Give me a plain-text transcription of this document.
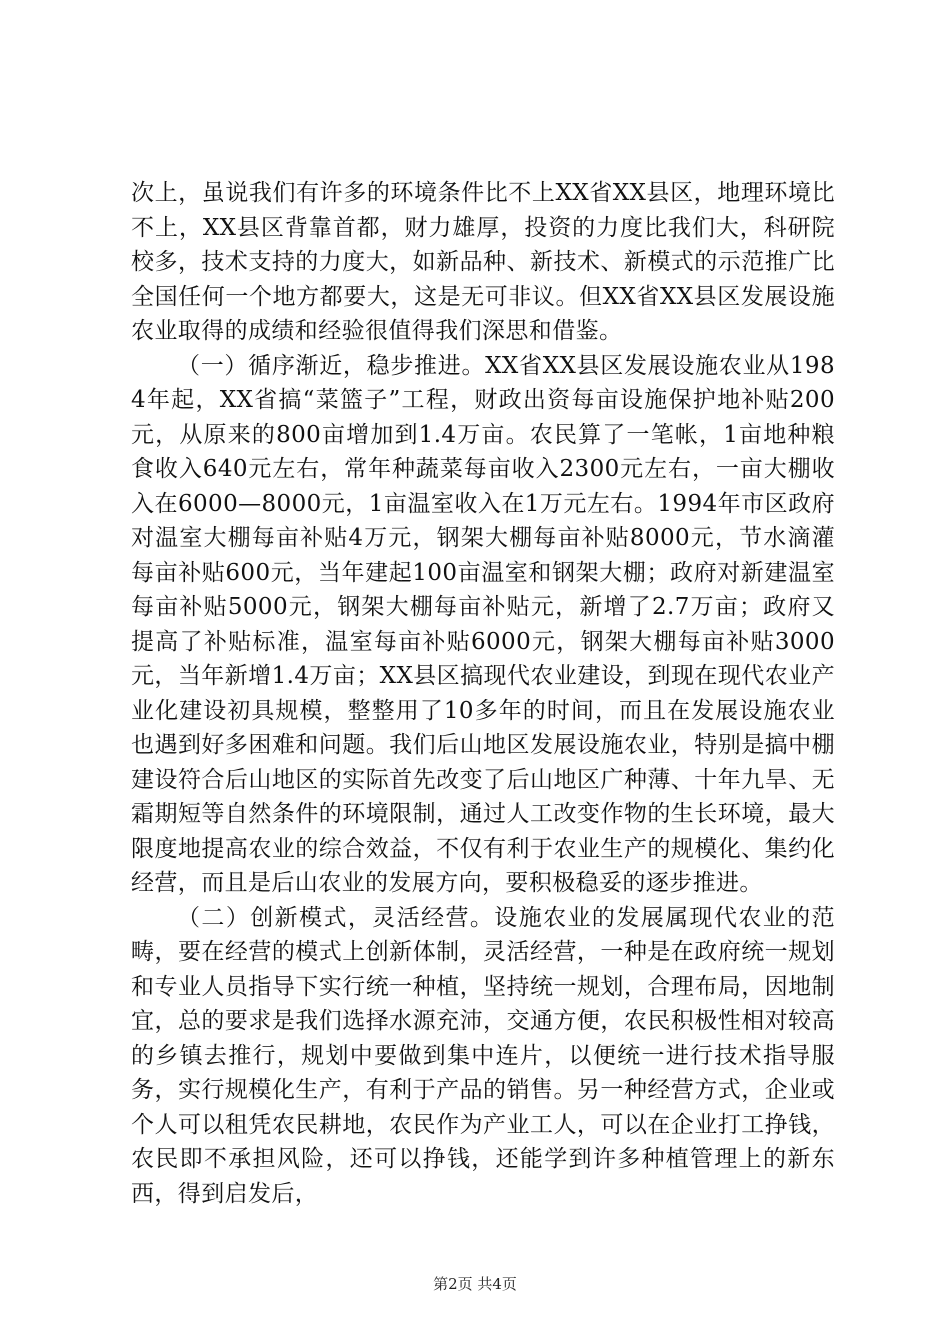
次上，虽说我们有许多的环境条件比不上XX省XX县区，地理环境比不上，XX县区背靠首都，财力雄厚，投资的力度比我们大，科研院校多，技术支持的力度大，如新品种、新技术、新模式的示范推广比全国任何一个地方都要大，这是无可非议。但XX省XX县区发展设施农业取得的成绩和经验很值得我们深思和借鉴。

（一）循序渐近，稳步推进。XX省XX县区发展设施农业从1984年起，XX省搞“菜篮子”工程，财政出资每亩设施保护地补贴200元，从原来的800亩增加到1.4万亩。农民算了一笔帐，1亩地种粮食收入640元左右，常年种蔬菜每亩收入2300元左右，一亩大棚收入在6000—8000元，1亩温室收入在1万元左右。1994年市区政府对温室大棚每亩补贴4万元，钢架大棚每亩补贴8000元，节水滴灌每亩补贴600元，当年建起100亩温室和钢架大棚；政府对新建温室每亩补贴5000元，钢架大棚每亩补贴元，新增了2.7万亩；政府又提高了补贴标准，温室每亩补贴6000元，钢架大棚每亩补贴3000元，当年新增1.4万亩；XX县区搞现代农业建设，到现在现代农业产业化建设初具规模，整整用了10多年的时间，而且在发展设施农业也遇到好多困难和问题。我们后山地区发展设施农业，特别是搞中棚建设符合后山地区的实际首先改变了后山地区广种薄、十年九旱、无霜期短等自然条件的环境限制，通过人工改变作物的生长环境，最大限度地提高农业的综合效益，不仅有利于农业生产的规模化、集约化经营，而且是后山农业的发展方向，要积极稳妥的逐步推进。

（二）创新模式，灵活经营。设施农业的发展属现代农业的范畴，要在经营的模式上创新体制，灵活经营，一种是在政府统一规划和专业人员指导下实行统一种植，坚持统一规划，合理布局，因地制宜，总的要求是我们选择水源充沛，交通方便，农民积极性相对较高的乡镇去推行，规划中要做到集中连片，以便统一进行技术指导服务，实行规模化生产，有利于产品的销售。另一种经营方式，企业或个人可以租凭农民耕地，农民作为产业工人，可以在企业打工挣钱，农民即不承担风险，还可以挣钱，还能学到许多种植管理上的新东西，得到启发后，

第2页 共4页
